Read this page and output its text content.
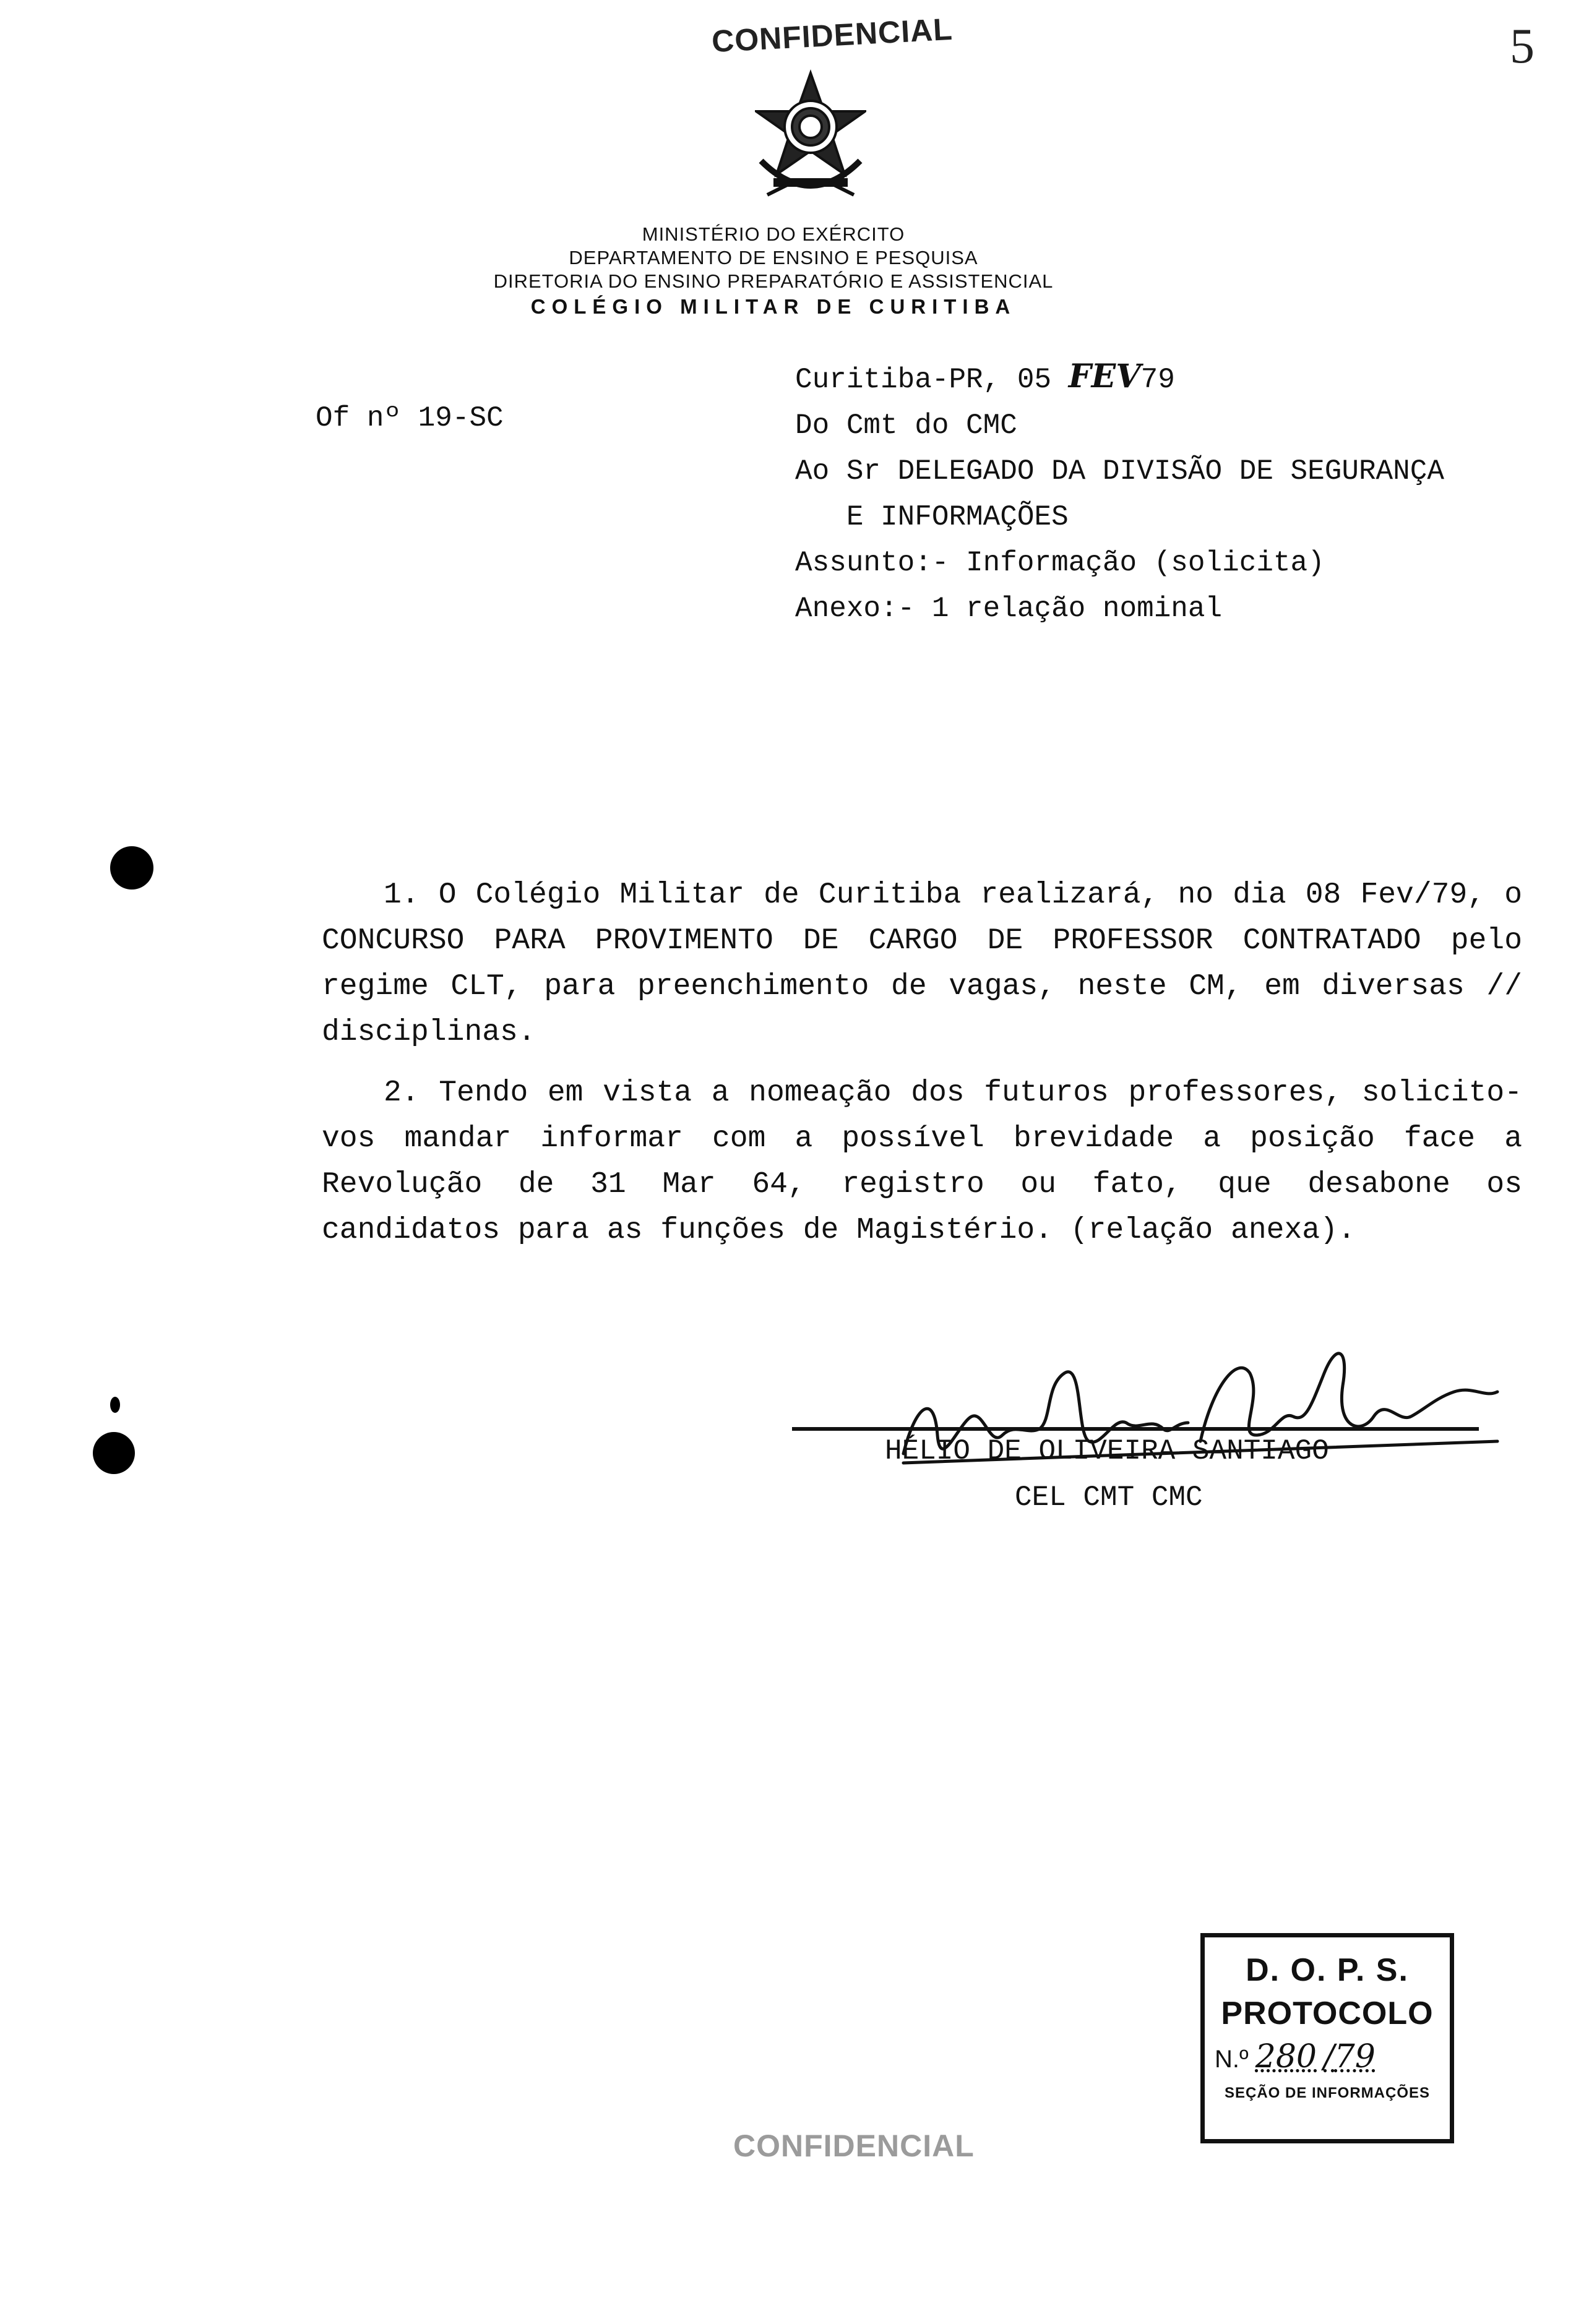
CONFIDENCIAL	5
MINISTÉRIO DO EXÉRCITO
DEPARTAMENTO DE ENSINO E PESQUISA
DIRETORIA DO ENSINO PREPARATÓRIO E ASSISTENCIAL
COLÉGIO MILITAR DE CURITIBA
Of nº 19-SC
Curitiba-PR, 05 FEV79
Do Cmt do CMC
Ao Sr DELEGADO DA DIVISÃO DE SEGURANÇA
E INFORMAÇÕES
Assunto:- Informação (solicita)
Anexo:- 1 relação nominal
1. O Colégio Militar de Curitiba realizará, no dia 08 Fev/79, o CONCURSO PARA PROVIMENTO DE CARGO DE PROFESSOR CONTRATADO pelo regime CLT, para preenchimento de vagas, neste CM, em diversas // disciplinas.
2. Tendo em vista a nomeação dos futuros professores, solicito-vos mandar informar com a possível brevidade a posição face a Revolução de 31 Mar 64, registro ou fato, que desabone os candidatos para as funções de Magistério. (relação anexa).
HÉLIO DE OLIVEIRA SANTIAGO
CEL CMT CMC
D. O. P. S.
PROTOCOLO
N.º 280 /79
SEÇÃO DE INFORMAÇÕES
CONFIDENCIAL
